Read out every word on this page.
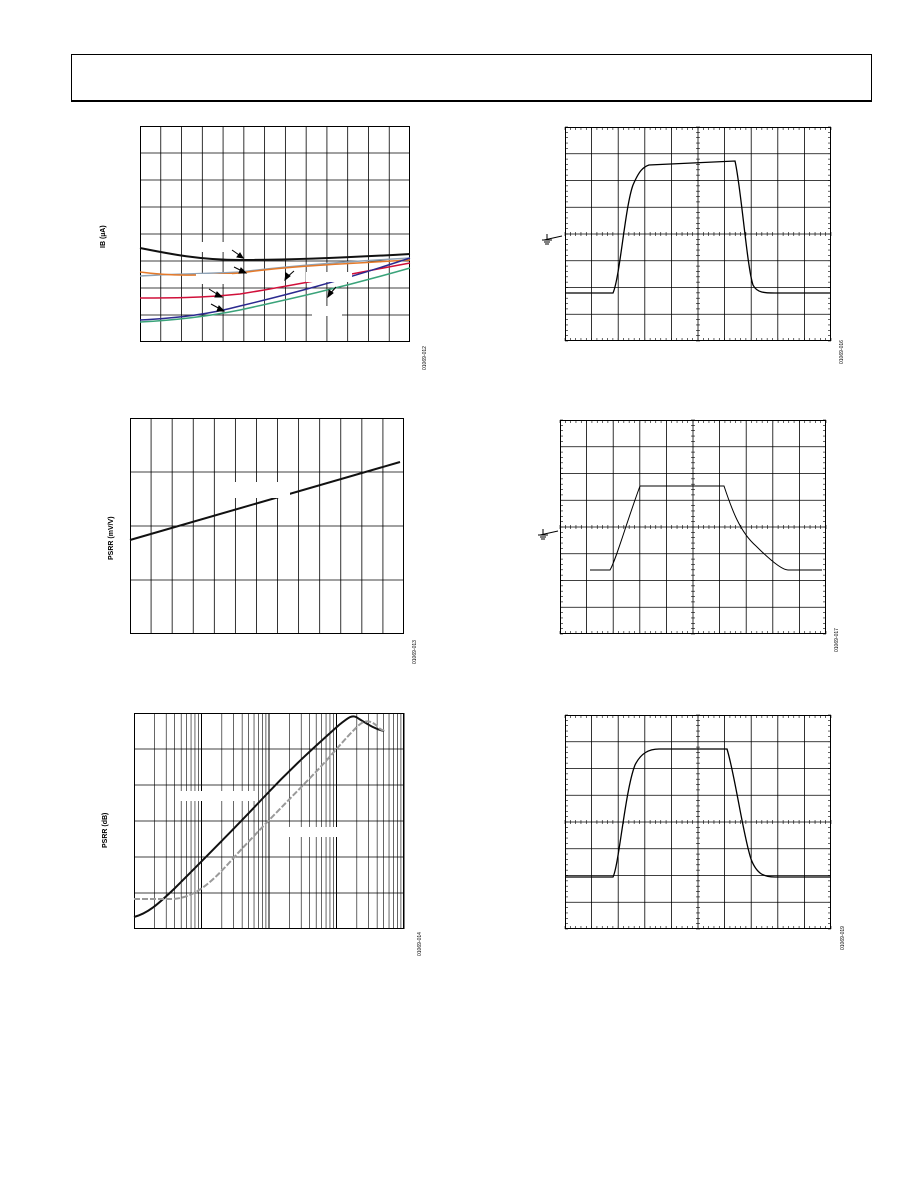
IB (µA)
01069-012
PSRR (mV/V)
01069-013
PSRR (dB)
01069-014
01069-016
01069-017
01069-019
